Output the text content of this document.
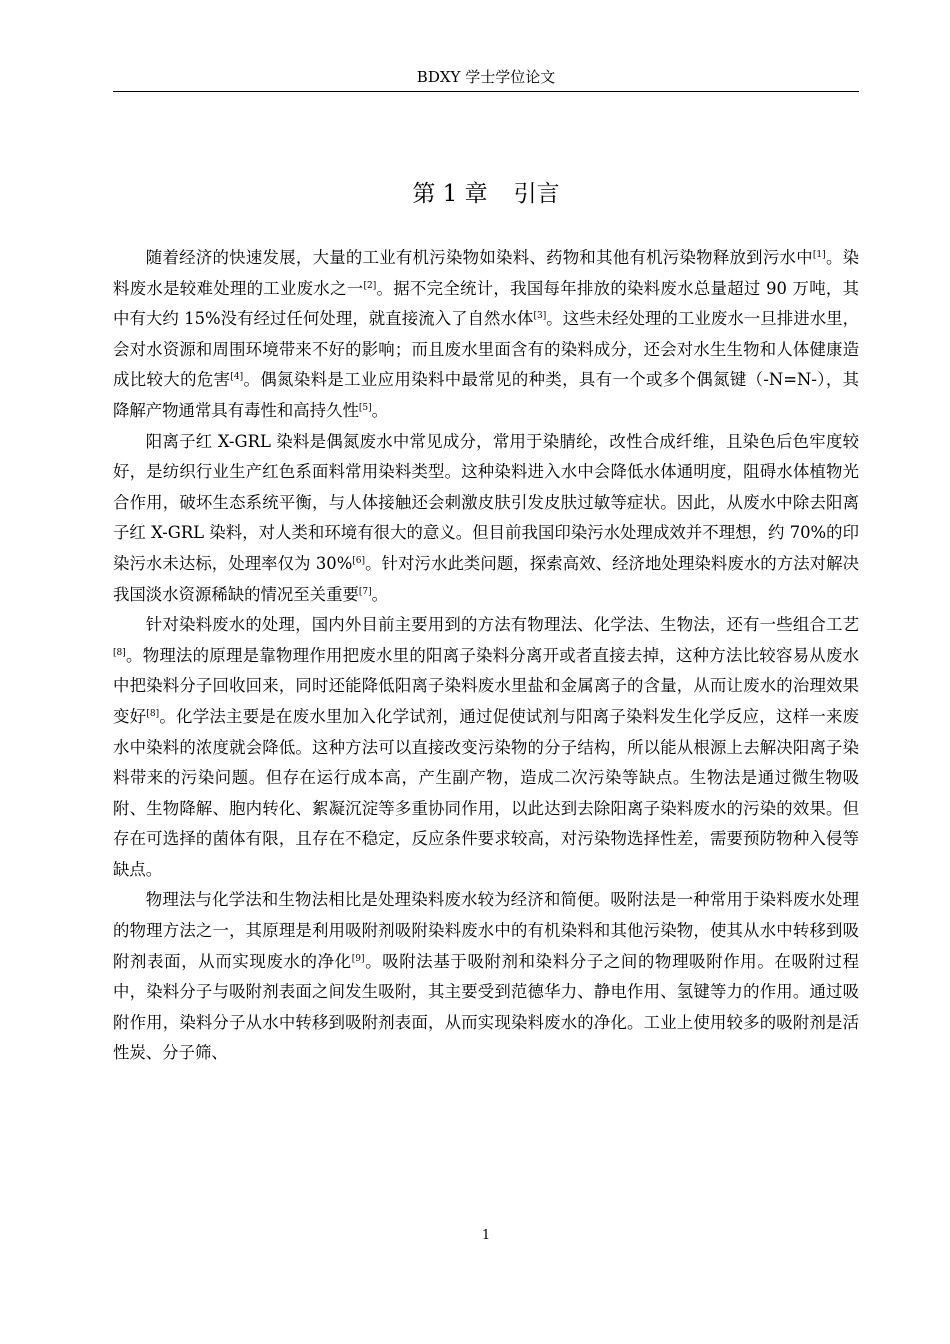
BDXY 学士学位论文
第 1 章 引言

随着经济的快速发展，大量的工业有机污染物如染料、药物和其他有机污染物释放到污水中[1]。染料废水是较难处理的工业废水之一[2]。据不完全统计，我国每年排放的染料废水总量超过 90 万吨，其中有大约 15%没有经过任何处理，就直接流入了自然水体[3]。这些未经处理的工业废水一旦排进水里，会对水资源和周围环境带来不好的影响；而且废水里面含有的染料成分，还会对水生生物和人体健康造成比较大的危害[4]。偶氮染料是工业应用染料中最常见的种类，具有一个或多个偶氮键（-N=N-），其降解产物通常具有毒性和高持久性[5]。

阳离子红 X-GRL 染料是偶氮废水中常见成分，常用于染腈纶，改性合成纤维，且染色后色牢度较好，是纺织行业生产红色系面料常用染料类型。这种染料进入水中会降低水体通明度，阻碍水体植物光合作用，破坏生态系统平衡，与人体接触还会刺激皮肤引发皮肤过敏等症状。因此，从废水中除去阳离子红 X-GRL 染料，对人类和环境有很大的意义。但目前我国印染污水处理成效并不理想，约 70%的印染污水未达标，处理率仅为 30%[6]。针对污水此类问题，探索高效、经济地处理染料废水的方法对解决我国淡水资源稀缺的情况至关重要[7]。

针对染料废水的处理，国内外目前主要用到的方法有物理法、化学法、生物法，还有一些组合工艺[8]。物理法的原理是靠物理作用把废水里的阳离子染料分离开或者直接去掉，这种方法比较容易从废水中把染料分子回收回来，同时还能降低阳离子染料废水里盐和金属离子的含量，从而让废水的治理效果变好[8]。化学法主要是在废水里加入化学试剂，通过促使试剂与阳离子染料发生化学反应，这样一来废水中染料的浓度就会降低。这种方法可以直接改变污染物的分子结构，所以能从根源上去解决阳离子染料带来的污染问题。但存在运行成本高，产生副产物，造成二次污染等缺点。生物法是通过微生物吸附、生物降解、胞内转化、絮凝沉淀等多重协同作用，以此达到去除阳离子染料废水的污染的效果。但存在可选择的菌体有限，且存在不稳定，反应条件要求较高，对污染物选择性差，需要预防物种入侵等缺点。

物理法与化学法和生物法相比是处理染料废水较为经济和简便。吸附法是一种常用于染料废水处理的物理方法之一，其原理是利用吸附剂吸附染料废水中的有机染料和其他污染物，使其从水中转移到吸附剂表面，从而实现废水的净化[9]。吸附法基于吸附剂和染料分子之间的物理吸附作用。在吸附过程中，染料分子与吸附剂表面之间发生吸附，其主要受到范德华力、静电作用、氢键等力的作用。通过吸附作用，染料分子从水中转移到吸附剂表面，从而实现染料废水的净化。工业上使用较多的吸附剂是活性炭、分子筛、

1
